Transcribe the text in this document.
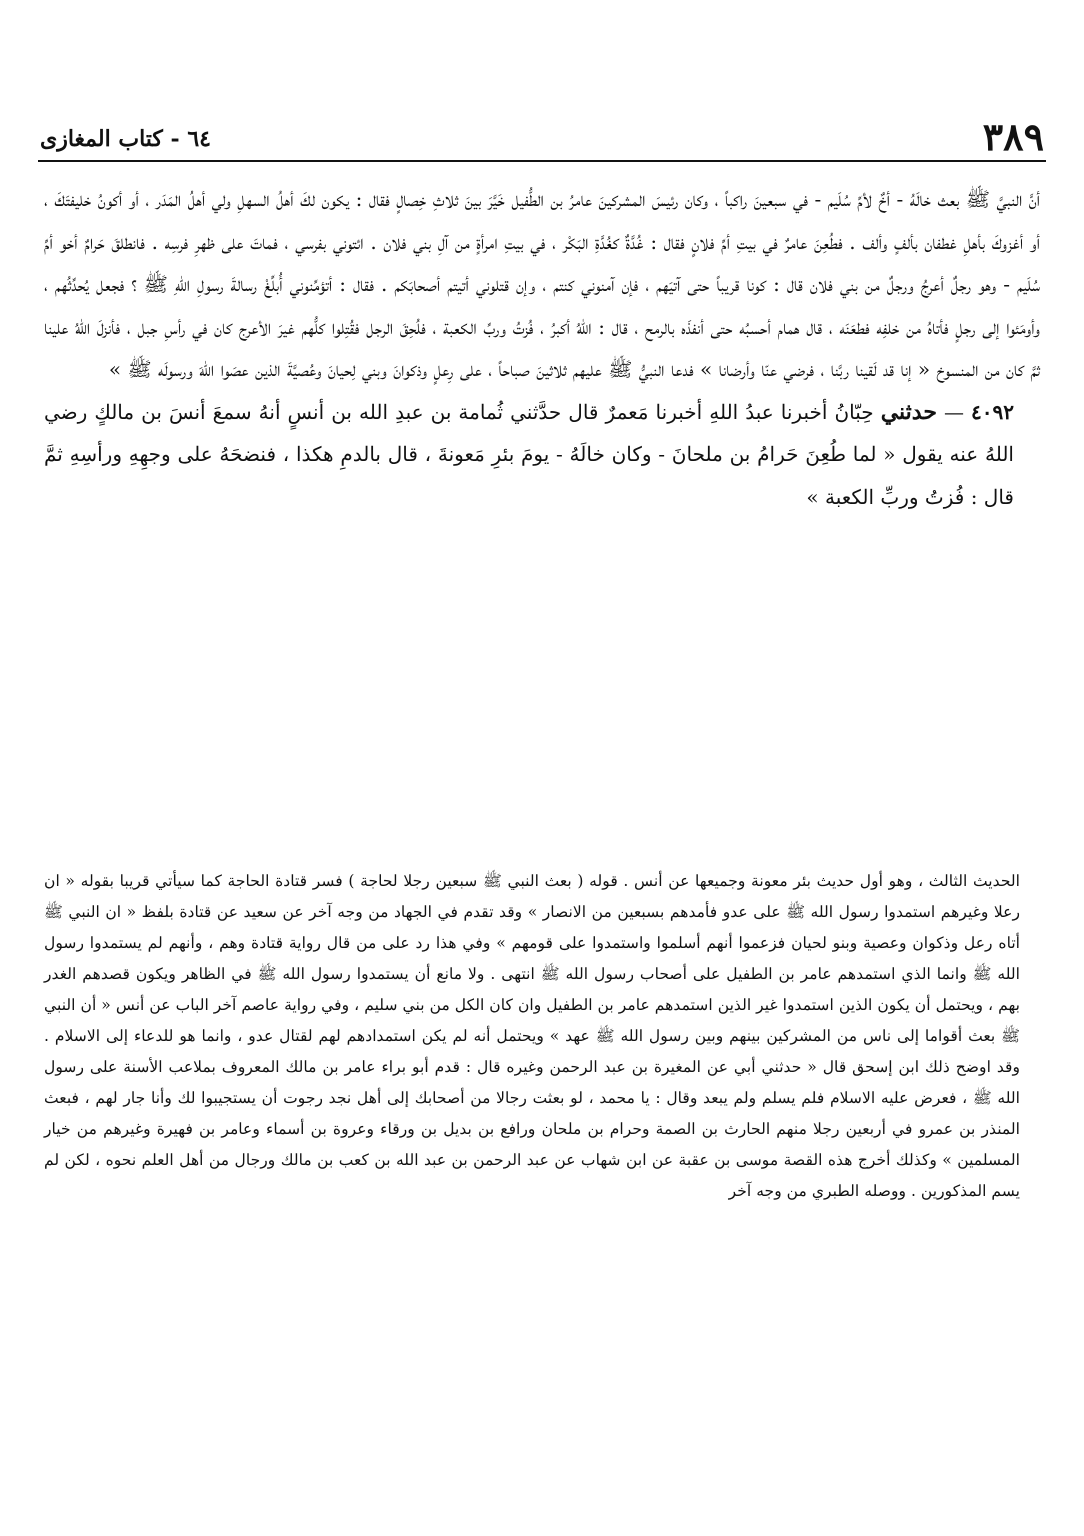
٣٨٩
٦٤ - كتاب المغازى

أنَّ النبيَّ ﷺ بعث خالَهُ - أخٌ لأمِّ سُلَيم - في سبعينَ راكباً ، وكان رئيسَ المشركينَ عامرُ بن الطُّفيل خَيَّرَ بينَ ثلاثِ خِصالٍ فقال : يكون لكَ أهلُ السهلِ ولي أهلُ المَدَر ، أو أكونُ خليفتَكَ ، أو أغزوكَ بأهلِ غطفان بألفٍ وألف . فطُعِنَ عامرٌ في بيتِ أمِّ فلانٍ فقال : غُدَّةٌ كغُدَّةِ البَكْر ، في بيتِ امرأةٍ من آلِ بني فلان . ائتوني بفرسي ، فماتَ على ظهرِ فرسِه . فانطلقَ حَرامٌ أخو أمِّ سُلَيم - وهو رجلٌ أعرجُ ورجلٌ من بني فلان قال : كونا قريباً حتى آتيَهم ، فإن آمنوني كنتم ، وإن قتلوني أتيتم أصحابَكم . فقال : أتؤمِّنوني أُبلِّغْ رسالةَ رسولِ اللهِ ﷺ ؟ فجعل يُحدِّثُهم ، وأومَئوا إلى رجلٍ فأتاهُ من خلفِه فطعَنَه ، قال همام أحسبُه حتى أنفذَه بالرمح ، قال : اللهُ أكبرُ ، فُزتُ وربِّ الكعبة ، فلُحِقَ الرجل فقُتِلوا كلُّهم غيرَ الأعرج كان في رأسِ جبل ، فأنزلَ اللهُ علينا ثمَّ كان من المنسوخ « إنا قد لَقينا ربَّنا ، فرضي عنّا وأرضانا » فدعا النبيُّ ﷺ عليهم ثلاثينَ صباحاً ، على رِعلٍ وذكوانَ وبني لِحيانَ وعُصيَّةَ الذين عصَوا اللهَ ورسولَه ﷺ »

٤٠٩٢ — حدثني حِبّانُ أخبرنا عبدُ اللهِ أخبرنا مَعمرٌ قال حدَّثني ثُمامة بن عبدِ الله بن أنسٍ أنهُ سمعَ أنسَ بن مالكٍ رضي اللهُ عنه يقول « لما طُعِنَ حَرامُ بن ملحانَ - وكان خالَهُ - يومَ بئرِ مَعونةَ ، قال بالدمِ هكذا ، فنضحَهُ على وجهِهِ ورأسِهِ ثمَّ قال : فُزتُ وربِّ الكعبة »

الحديث الثالث ، وهو أول حديث بئر معونة وجميعها عن أنس . قوله ( بعث النبي ﷺ سبعين رجلا لحاجة ) فسر قتادة الحاجة كما سيأتي قريبا بقوله « ان رعلا وغيرهم استمدوا رسول الله ﷺ على عدو فأمدهم بسبعين من الانصار » وقد تقدم في الجهاد من وجه آخر عن سعيد عن قتادة بلفظ « ان النبي ﷺ أتاه رعل وذكوان وعصية وبنو لحيان فزعموا أنهم أسلموا واستمدوا على قومهم » وفي هذا رد على من قال رواية قتادة وهم ، وأنهم لم يستمدوا رسول الله ﷺ وانما الذي استمدهم عامر بن الطفيل على أصحاب رسول الله ﷺ انتهى . ولا مانع أن يستمدوا رسول الله ﷺ في الظاهر ويكون قصدهم الغدر بهم ، ويحتمل أن يكون الذين استمدوا غير الذين استمدهم عامر بن الطفيل وان كان الكل من بني سليم ، وفي رواية عاصم آخر الباب عن أنس « أن النبي ﷺ بعث أقواما إلى ناس من المشركين بينهم وبين رسول الله ﷺ عهد » ويحتمل أنه لم يكن استمدادهم لهم لقتال عدو ، وانما هو للدعاء إلى الاسلام . وقد اوضح ذلك ابن إسحق قال « حدثني أبي عن المغيرة بن عبد الرحمن وغيره قال : قدم أبو براء عامر بن مالك المعروف بملاعب الأسنة على رسول الله ﷺ ، فعرض عليه الاسلام فلم يسلم ولم يبعد وقال : يا محمد ، لو بعثت رجالا من أصحابك إلى أهل نجد رجوت أن يستجيبوا لك وأنا جار لهم ، فبعث المنذر بن عمرو في أربعين رجلا منهم الحارث بن الصمة وحرام بن ملحان ورافع بن بديل بن ورقاء وعروة بن أسماء وعامر بن فهيرة وغيرهم من خيار المسلمين » وكذلك أخرج هذه القصة موسى بن عقبة عن ابن شهاب عن عبد الرحمن بن عبد الله بن كعب بن مالك ورجال من أهل العلم نحوه ، لكن لم يسم المذكورين . ووصله الطبري من وجه آخر
